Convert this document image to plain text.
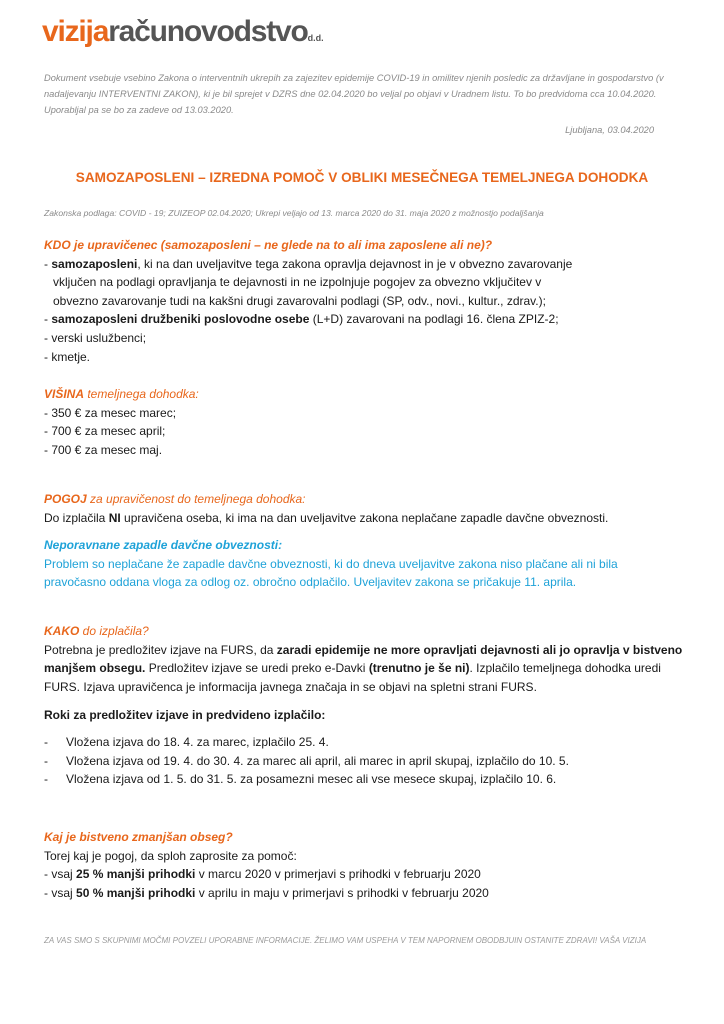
vizijaračunovodstvod.d.
Dokument vsebuje vsebino Zakona o interventnih ukrepih za zajezitev epidemije COVID-19 in omilitev njenih posledic za državljane in gospodarstvo (v nadaljevanju INTERVENTNI ZAKON), ki je bil sprejet v DZRS dne 02.04.2020 bo veljal po objavi v Uradnem listu. To bo predvidoma cca 10.04.2020. Uporabljal pa se bo za zadeve od 13.03.2020.
Ljubljana, 03.04.2020
SAMOZAPOSLENI – IZREDNA POMOČ V OBLIKI MESEČNEGA TEMELJNEGA DOHODKA
Zakonska podlaga: COVID - 19; ZUIZEOP 02.04.2020; Ukrepi veljajo od 13. marca 2020 do 31. maja 2020 z možnostjo podaljšanja
KDO je upravičenec (samozaposleni – ne glede na to ali ima zaposlene ali ne)?
- samozaposleni, ki na dan uveljavitve tega zakona opravlja dejavnost in je v obvezno zavarovanje
vključen na podlagi opravljanja te dejavnosti in ne izpolnjuje pogojev za obvezno vključitev v
obvezno zavarovanje tudi na kakšni drugi zavarovalni podlagi (SP, odv., novi., kultur., zdrav.);
- samozaposleni družbeniki poslovodne osebe (L+D) zavarovani na podlagi 16. člena ZPIZ-2;
- verski uslužbenci;
- kmetje.
VIŠINA temeljnega dohodka:
- 350 € za mesec marec;
- 700 € za mesec april;
- 700 € za mesec maj.
POGOJ za upravičenost do temeljnega dohodka:
Do izplačila NI upravičena oseba, ki ima na dan uveljavitve zakona neplačane zapadle davčne obveznosti.
Neporavnane zapadle davčne obveznosti:
Problem so neplačane že zapadle davčne obveznosti, ki do dneva uveljavitve zakona niso plačane ali ni bila
pravočasno oddana vloga za odlog oz. obročno odplačilo. Uveljavitev zakona se pričakuje 11. aprila.
KAKO do izplačila?
Potrebna je predložitev izjave na FURS, da zaradi epidemije ne more opravljati dejavnosti ali jo opravlja v bistveno
manjšem obsegu. Predložitev izjave se uredi preko e-Davki (trenutno je še ni). Izplačilo temeljnega dohodka uredi
FURS. Izjava upravičenca je informacija javnega značaja in se objavi na spletni strani FURS.
Roki za predložitev izjave in predvideno izplačilo:
-	Vložena izjava do 18. 4. za marec, izplačilo 25. 4.
-	Vložena izjava od 19. 4. do 30. 4. za marec ali april, ali marec in april skupaj, izplačilo do 10. 5.
-	Vložena izjava od 1. 5. do 31. 5. za posamezni mesec ali vse mesece skupaj, izplačilo 10. 6.
Kaj je bistveno zmanjšan obseg?
Torej kaj je pogoj, da sploh zaprosite za pomoč:
- vsaj 25 % manjši prihodki v marcu 2020 v primerjavi s prihodki v februarju 2020
- vsaj 50 % manjši prihodki v aprilu in maju v primerjavi s prihodki v februarju 2020
ZA VAS SMO S SKUPNIMI MOČMI POVZELI UPORABNE INFORMACIJE. ŽELIMO VAM USPEHA V TEM NAPORNEM OBODBJUIN OSTANITE ZDRAVI! VAŠA VIZIJA
